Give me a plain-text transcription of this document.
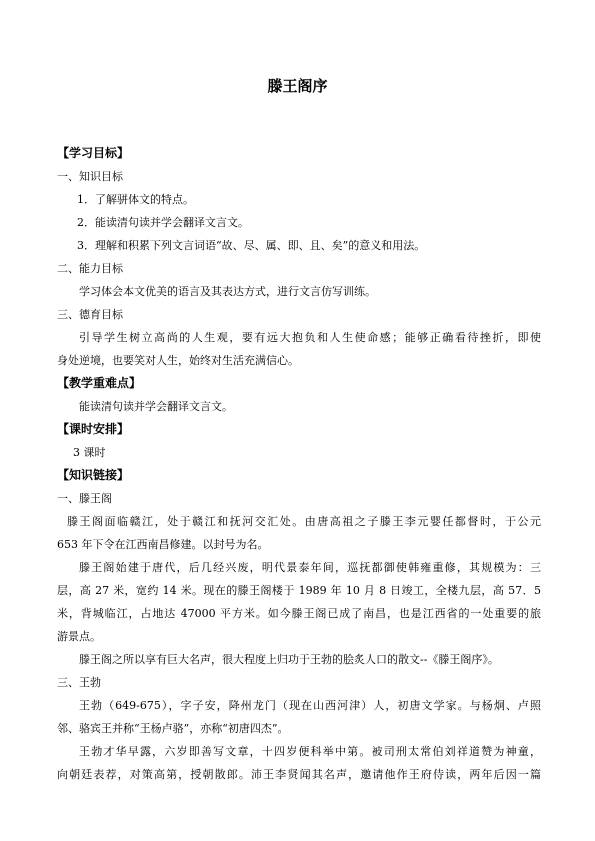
滕王阁序
【学习目标】
一、知识目标
1．了解骈体文的特点。
2．能读清句读并学会翻译文言文。
3．理解和积累下列文言词语“故、尽、属、即、且、矣”的意义和用法。
二、能力目标
学习体会本文优美的语言及其表达方式，进行文言仿写训练。
三、德育目标
引导学生树立高尚的人生观，要有远大抱负和人生使命感；能够正确看待挫折，即使
身处逆境，也要笑对人生，始终对生活充满信心。
【教学重难点】
能读清句读并学会翻译文言文。
【课时安排】
3 课时
【知识链接】
一、滕王阁
滕王阁面临赣江，处于赣江和抚河交汇处。由唐高祖之子滕王李元婴任都督时，于公元
653 年下令在江西南昌修建。以封号为名。
滕王阁始建于唐代，后几经兴废，明代景泰年间，巡抚都御使韩雍重修，其规模为：三
层，高 27 米，宽约 14 米。现在的滕王阁楼于 1989 年 10 月 8 日竣工，全楼九层，高 57．5
米，背城临江，占地达 47000 平方米。如今滕王阁已成了南昌，也是江西省的一处重要的旅
游景点。
滕王阁之所以享有巨大名声，很大程度上归功于王勃的脍炙人口的散文--《滕王阁序》。
三、王勃
王勃（649-675），字子安，降州龙门（现在山西河津）人，初唐文学家。与杨炯、卢照
邻、骆宾王并称“王杨卢骆”，亦称“初唐四杰”。
王勃才华早露，六岁即善写文章，十四岁便科举中第。被司刑太常伯刘祥道赞为神童，
向朝廷表荐，对策高第，授朝散郎。沛王李贤闻其名声，邀请他作王府侍读，两年后因一篇
